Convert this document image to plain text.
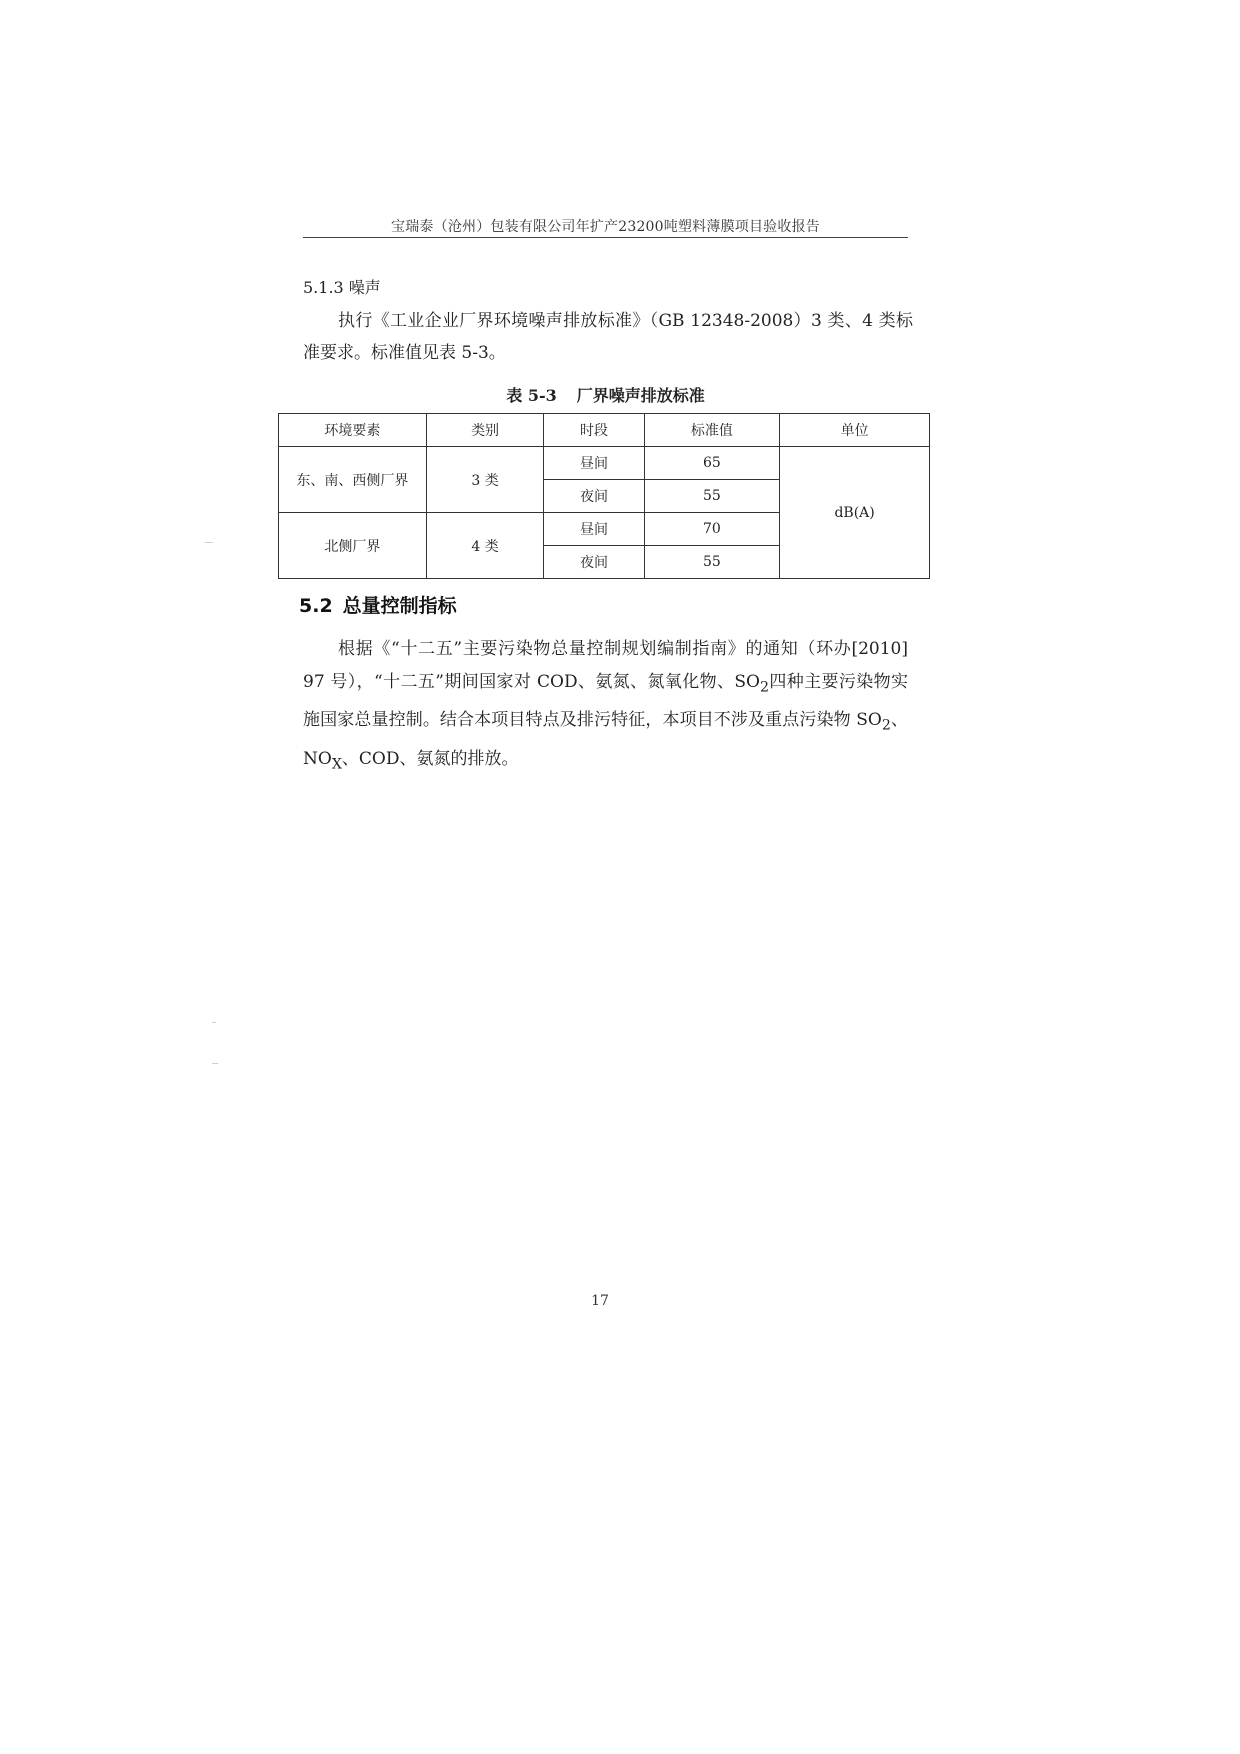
宝瑞泰（沧州）包装有限公司年扩产23200吨塑料薄膜项目验收报告
5.1.3 噪声

执行《工业企业厂界环境噪声排放标准》（GB 12348-2008）3 类、4 类标准要求。标准值见表 5-3。

表 5-3 厂界噪声排放标准
环境要素	类别	时段	标准值	单位
东、南、西侧厂界	3 类	昼间	65	dB(A)
		夜间	55	
北侧厂界	4 类	昼间	70	
		夜间	55	
5.2 总量控制指标

根据《“十二五”主要污染物总量控制规划编制指南》的通知（环办[2010] 97 号），“十二五”期间国家对 COD、氨氮、氮氧化物、$SO_2$四种主要污染物实施国家总量控制。结合本项目特点及排污特征，本项目不涉及重点污染物 $SO_2$、$NO_X$、COD、氨氮的排放。

17
